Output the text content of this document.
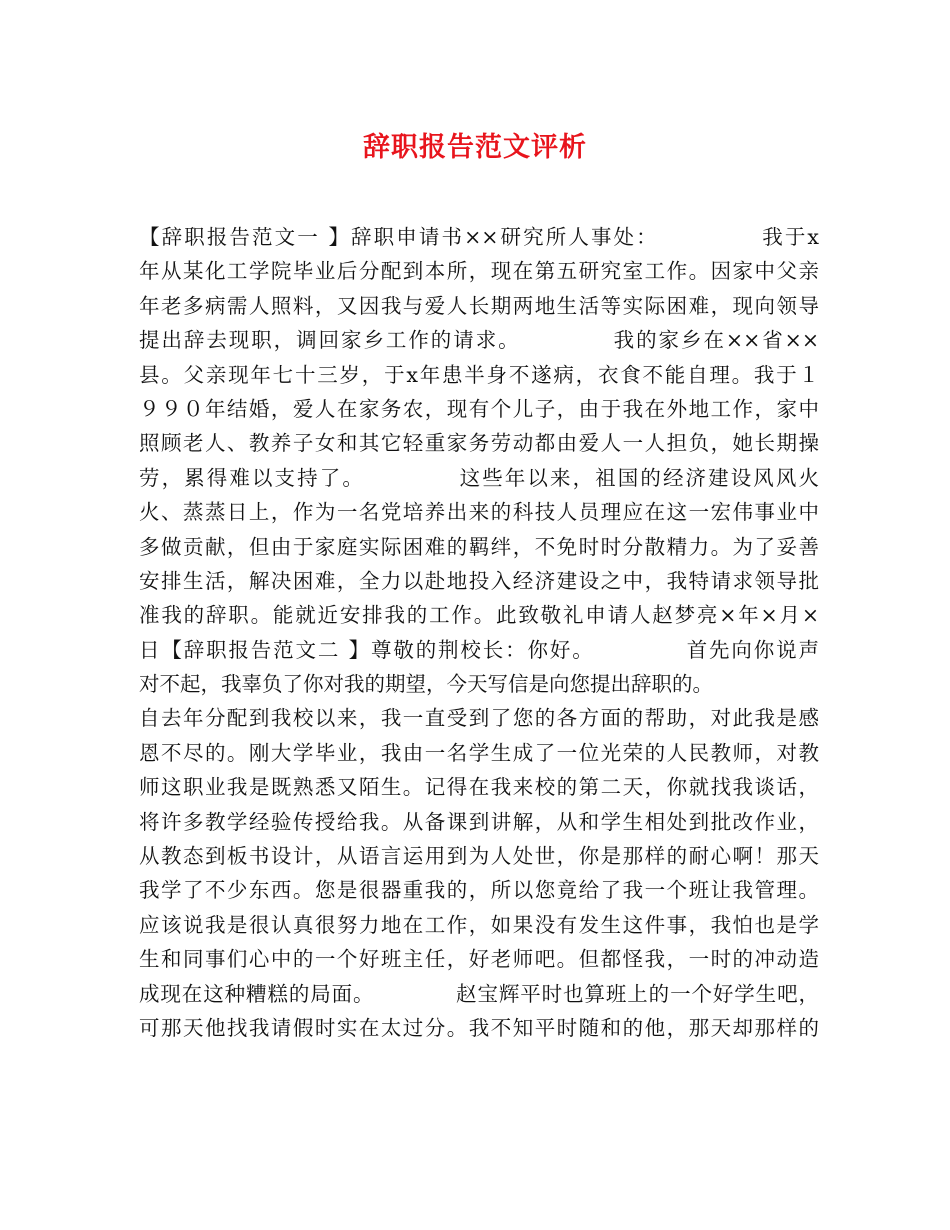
辞职报告范文评析
【辞职报告范文一 】辞职申请书××研究所人事处：            我于x
年从某化工学院毕业后分配到本所，现在第五研究室工作。因家中父亲
年老多病需人照料，又因我与爱人长期两地生活等实际困难，现向领导
提出辞去现职，调回家乡工作的请求。           我的家乡在××省××
县。父亲现年七十三岁，于x年患半身不遂病，衣食不能自理。我于１
９９０年结婚，爱人在家务农，现有个儿子，由于我在外地工作，家中
照顾老人、教养子女和其它轻重家务劳动都由爱人一人担负，她长期操
劳，累得难以支持了。           这些年以来，祖国的经济建设风风火
火、蒸蒸日上，作为一名党培养出来的科技人员理应在这一宏伟事业中
多做贡献，但由于家庭实际困难的羁绊，不免时时分散精力。为了妥善
安排生活，解决困难，全力以赴地投入经济建设之中，我特请求领导批
准我的辞职。能就近安排我的工作。此致敬礼申请人赵梦亮×年×月×
日【辞职报告范文二 】尊敬的荆校长：你好。           首先向你说声
对不起，我辜负了你对我的期望，今天写信是向您提出辞职的。
自去年分配到我校以来，我一直受到了您的各方面的帮助，对此我是感
恩不尽的。刚大学毕业，我由一名学生成了一位光荣的人民教师，对教
师这职业我是既熟悉又陌生。记得在我来校的第二天，你就找我谈话，
将许多教学经验传授给我。从备课到讲解，从和学生相处到批改作业，
从教态到板书设计，从语言运用到为人处世，你是那样的耐心啊！那天
我学了不少东西。您是很器重我的，所以您竟给了我一个班让我管理。
应该说我是很认真很努力地在工作，如果没有发生这件事，我怕也是学
生和同事们心中的一个好班主任，好老师吧。但都怪我，一时的冲动造
成现在这种糟糕的局面。           赵宝辉平时也算班上的一个好学生吧，
可那天他找我请假时实在太过分。我不知平时随和的他，那天却那样的
